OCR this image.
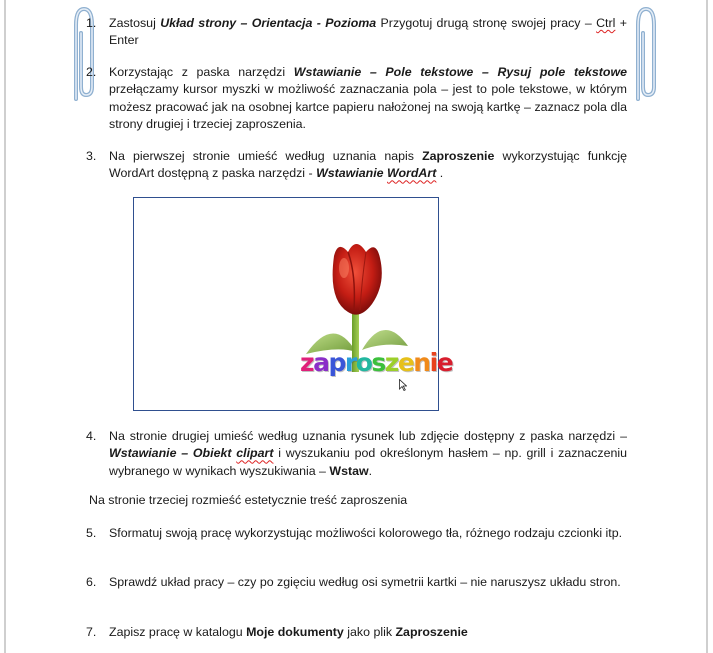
1. Zastosuj Układ strony – Orientacja - Pozioma Przygotuj drugą stronę swojej pracy – Ctrl + Enter
2. Korzystając z paska narzędzi Wstawianie – Pole tekstowe – Rysuj pole tekstowe przełączamy kursor myszki w możliwość zaznaczania pola – jest to pole tekstowe, w którym możesz pracować jak na osobnej kartce papieru nałożonej na swoją kartkę – zaznacz pola dla strony drugiej i trzeciej zaproszenia.
3. Na pierwszej stronie umieść według uznania napis Zaproszenie wykorzystując funkcję WordArt dostępną z paska narzędzi - Wstawianie WordArt .
zaproszenie
4. Na stronie drugiej umieść według uznania rysunek lub zdjęcie dostępny z paska narzędzi – Wstawianie – Obiekt clipart i wyszukaniu pod określonym hasłem – np. grill i zaznaczeniu wybranego w wynikach wyszukiwania – Wstaw.
Na stronie trzeciej rozmieść estetycznie treść zaproszenia
5. Sformatuj swoją pracę wykorzystując możliwości kolorowego tła, różnego rodzaju czcionki itp.
6. Sprawdź układ pracy – czy po zgięciu według osi symetrii kartki – nie naruszysz układu stron.
7. Zapisz pracę w katalogu Moje dokumenty jako plik Zaproszenie
